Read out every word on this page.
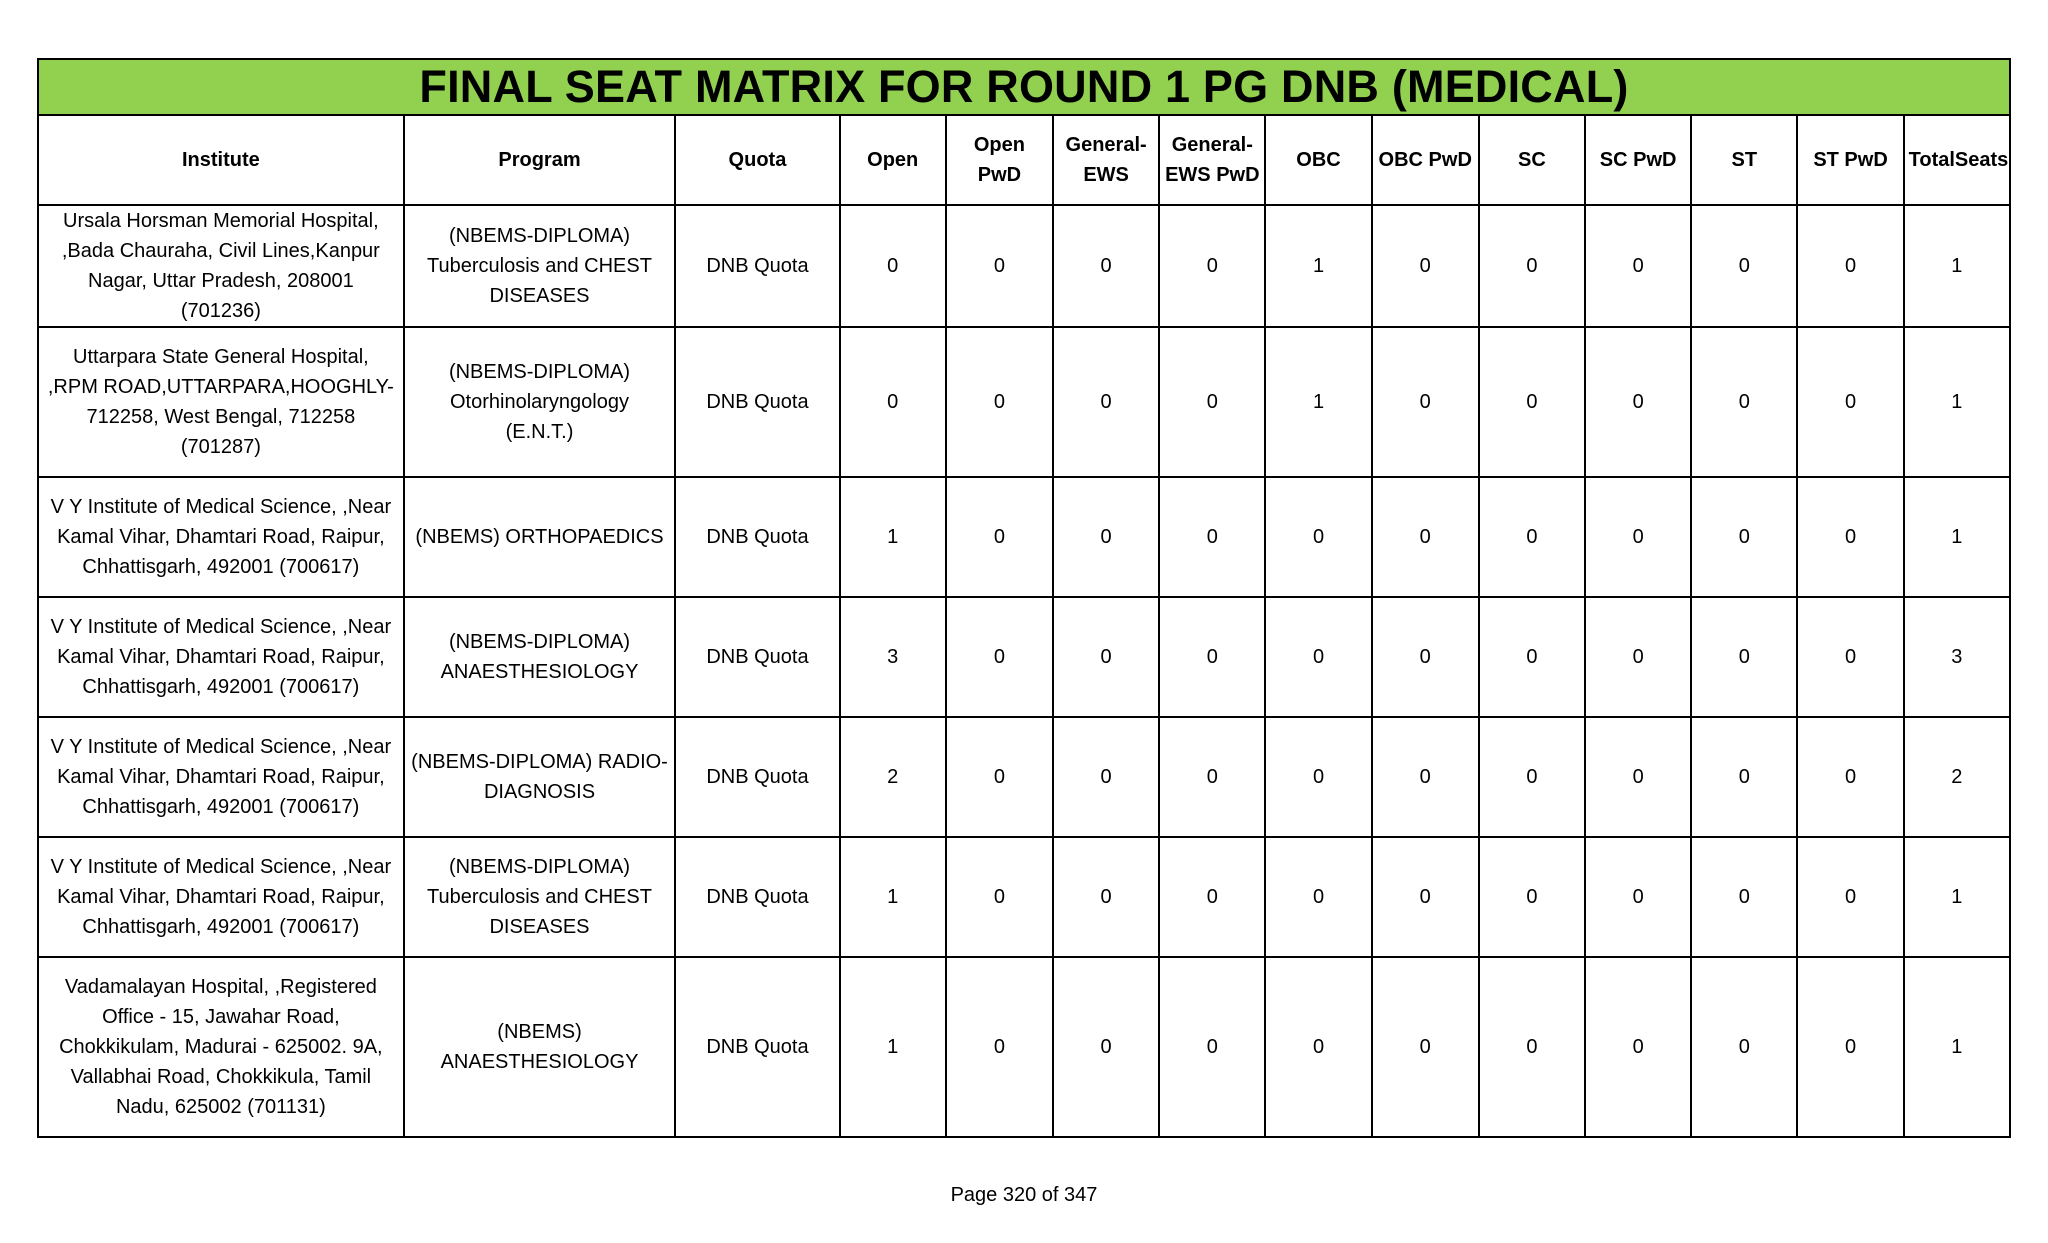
FINAL SEAT MATRIX FOR ROUND 1 PG DNB (MEDICAL)
Institute	Program	Quota	Open	Open PwD	General-EWS	General-EWS PwD	OBC	OBC PwD	SC	SC PwD	ST	ST PwD	TotalSeats
Ursala Horsman Memorial Hospital,
,Bada Chauraha, Civil Lines,Kanpur
Nagar, Uttar Pradesh, 208001
(701236)	(NBEMS-DIPLOMA)
Tuberculosis and CHEST
DISEASES	DNB Quota	0	0	0	0	1	0	0	0	0	0	1
Uttarpara State General Hospital,
,RPM ROAD,UTTARPARA,HOOGHLY-
712258, West Bengal, 712258
(701287)	(NBEMS-DIPLOMA)
Otorhinolaryngology
(E.N.T.)	DNB Quota	0	0	0	0	1	0	0	0	0	0	1
V Y Institute of Medical Science, ,Near
Kamal Vihar, Dhamtari Road, Raipur,
Chhattisgarh, 492001 (700617)	(NBEMS) ORTHOPAEDICS	DNB Quota	1	0	0	0	0	0	0	0	0	0	1
V Y Institute of Medical Science, ,Near
Kamal Vihar, Dhamtari Road, Raipur,
Chhattisgarh, 492001 (700617)	(NBEMS-DIPLOMA)
ANAESTHESIOLOGY	DNB Quota	3	0	0	0	0	0	0	0	0	0	3
V Y Institute of Medical Science, ,Near
Kamal Vihar, Dhamtari Road, Raipur,
Chhattisgarh, 492001 (700617)	(NBEMS-DIPLOMA) RADIO-
DIAGNOSIS	DNB Quota	2	0	0	0	0	0	0	0	0	0	2
V Y Institute of Medical Science, ,Near
Kamal Vihar, Dhamtari Road, Raipur,
Chhattisgarh, 492001 (700617)	(NBEMS-DIPLOMA)
Tuberculosis and CHEST
DISEASES	DNB Quota	1	0	0	0	0	0	0	0	0	0	1
Vadamalayan Hospital, ,Registered
Office - 15, Jawahar Road,
Chokkikulam, Madurai - 625002. 9A,
Vallabhai Road, Chokkikula, Tamil
Nadu, 625002 (701131)	(NBEMS)
ANAESTHESIOLOGY	DNB Quota	1	0	0	0	0	0	0	0	0	0	1
Page 320 of 347
